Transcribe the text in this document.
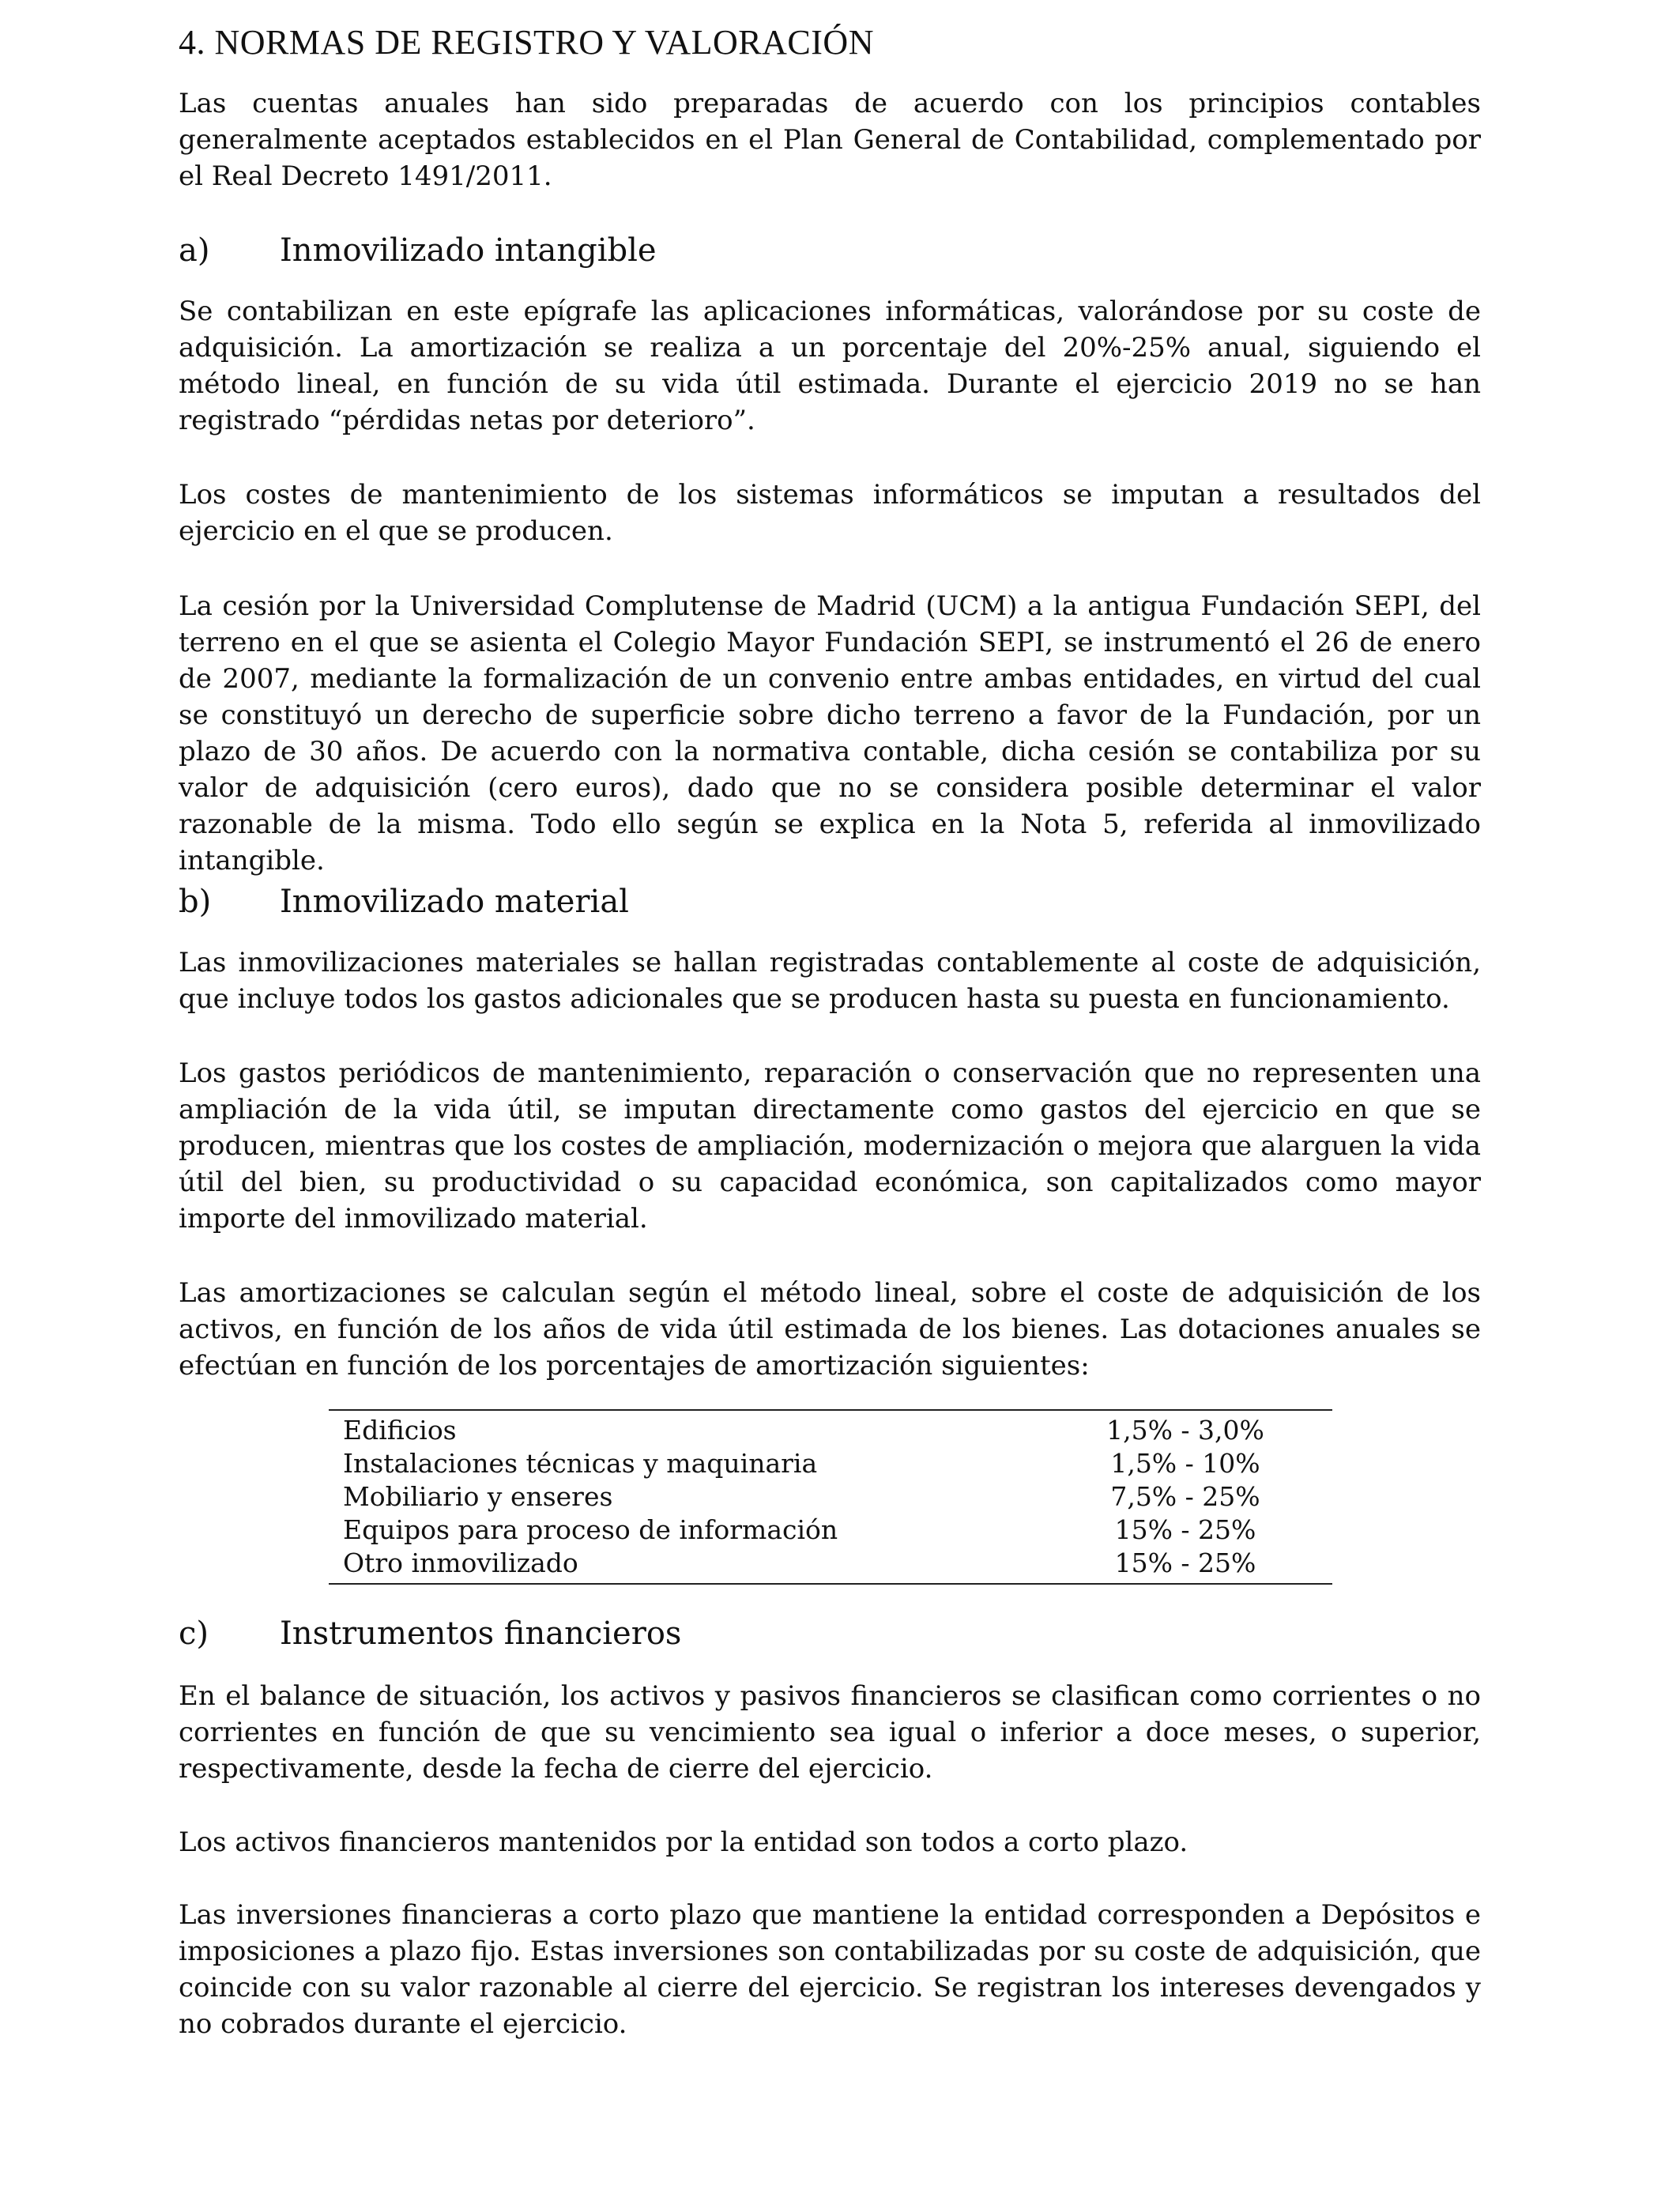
4. NORMAS DE REGISTRO Y VALORACIÓN

Las cuentas anuales han sido preparadas de acuerdo con los principios contables generalmente aceptados establecidos en el Plan General de Contabilidad, complementado por el Real Decreto 1491/2011.

a) Inmovilizado intangible

Se contabilizan en este epígrafe las aplicaciones informáticas, valorándose por su coste de adquisición. La amortización se realiza a un porcentaje del 20%-25% anual, siguiendo el método lineal, en función de su vida útil estimada. Durante el ejercicio 2019 no se han registrado “pérdidas netas por deterioro”.

Los costes de mantenimiento de los sistemas informáticos se imputan a resultados del ejercicio en el que se producen.

La cesión por la Universidad Complutense de Madrid (UCM) a la antigua Fundación SEPI, del terreno en el que se asienta el Colegio Mayor Fundación SEPI, se instrumentó el 26 de enero de 2007, mediante la formalización de un convenio entre ambas entidades, en virtud del cual se constituyó un derecho de superficie sobre dicho terreno a favor de la Fundación, por un plazo de 30 años. De acuerdo con la normativa contable, dicha cesión se contabiliza por su valor de adquisición (cero euros), dado que no se considera posible determinar el valor razonable de la misma. Todo ello según se explica en la Nota 5, referida al inmovilizado intangible.

b) Inmovilizado material

Las inmovilizaciones materiales se hallan registradas contablemente al coste de adquisición, que incluye todos los gastos adicionales que se producen hasta su puesta en funcionamiento.

Los gastos periódicos de mantenimiento, reparación o conservación que no representen una ampliación de la vida útil, se imputan directamente como gastos del ejercicio en que se producen, mientras que los costes de ampliación, modernización o mejora que alarguen la vida útil del bien, su productividad o su capacidad económica, son capitalizados como mayor importe del inmovilizado material.

Las amortizaciones se calculan según el método lineal, sobre el coste de adquisición de los activos, en función de los años de vida útil estimada de los bienes. Las dotaciones anuales se efectúan en función de los porcentajes de amortización siguientes:

Edificios	1,5% - 3,0%
Instalaciones técnicas y maquinaria	1,5% - 10%
Mobiliario y enseres	7,5% - 25%
Equipos para proceso de información	15% - 25%
Otro inmovilizado	15% - 25%
c) Instrumentos financieros

En el balance de situación, los activos y pasivos financieros se clasifican como corrientes o no corrientes en función de que su vencimiento sea igual o inferior a doce meses, o superior, respectivamente, desde la fecha de cierre del ejercicio.

Los activos financieros mantenidos por la entidad son todos a corto plazo.

Las inversiones financieras a corto plazo que mantiene la entidad corresponden a Depósitos e imposiciones a plazo fijo. Estas inversiones son contabilizadas por su coste de adquisición, que coincide con su valor razonable al cierre del ejercicio. Se registran los intereses devengados y no cobrados durante el ejercicio.
